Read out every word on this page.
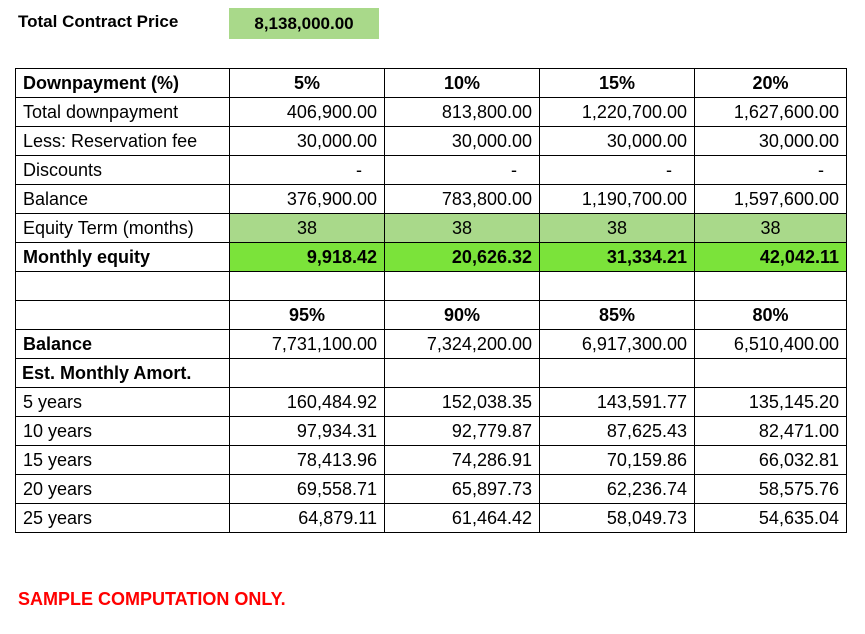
Total Contract Price	8,138,000.00
Downpayment (%)	5%	10%	15%	20%
Total downpayment	406,900.00	813,800.00	1,220,700.00	1,627,600.00
Less: Reservation fee	30,000.00	30,000.00	30,000.00	30,000.00
Discounts	-	-	-	-
Balance	376,900.00	783,800.00	1,190,700.00	1,597,600.00
Equity Term (months)	38	38	38	38
Monthly equity	9,918.42	20,626.32	31,334.21	42,042.11

	95%	90%	85%	80%
Balance	7,731,100.00	7,324,200.00	6,917,300.00	6,510,400.00
Est. Monthly Amort.				
5 years	160,484.92	152,038.35	143,591.77	135,145.20
10 years	97,934.31	92,779.87	87,625.43	82,471.00
15 years	78,413.96	74,286.91	70,159.86	66,032.81
20 years	69,558.71	65,897.73	62,236.74	58,575.76
25 years	64,879.11	61,464.42	58,049.73	54,635.04
SAMPLE COMPUTATION ONLY.
